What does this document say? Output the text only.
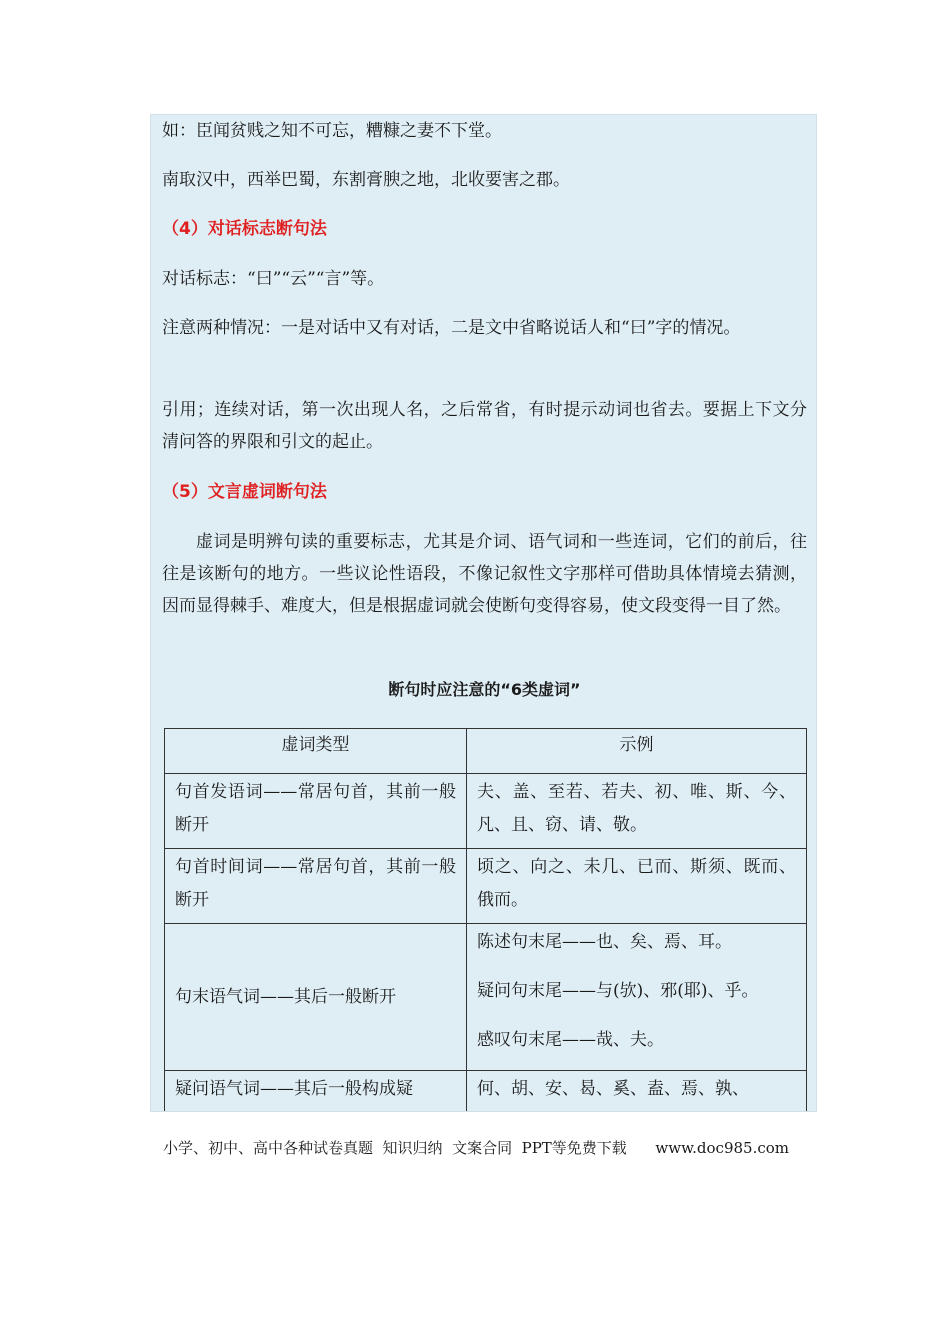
如：臣闻贫贱之知不可忘，糟糠之妻不下堂。

南取汉中，西举巴蜀，东割膏腴之地，北收要害之郡。

（4）对话标志断句法

对话标志：“曰”“云”“言”等。

注意两种情况：一是对话中又有对话，二是文中省略说话人和“曰”字的情况。

引用；连续对话，第一次出现人名，之后常省，有时提示动词也省去。要据上下文分清问答的界限和引文的起止。

（5）文言虚词断句法

虚词是明辨句读的重要标志，尤其是介词、语气词和一些连词，它们的前后，往往是该断句的地方。一些议论性语段，不像记叙性文字那样可借助具体情境去猜测，因而显得棘手、难度大，但是根据虚词就会使断句变得容易，使文段变得一目了然。

断句时应注意的“6类虚词”
虚词类型	示例
句首发语词——常居句首，其前一般断开	夫、盖、至若、若夫、初、唯、斯、今、凡、且、窃、请、敬。
句首时间词——常居句首，其前一般断开	顷之、向之、未几、已而、斯须、既而、俄而。
句末语气词——其后一般断开	陈述句末尾——也、矣、焉、耳。
疑问句末尾——与(欤)、邪(耶)、乎。
感叹句末尾——哉、夫。

疑问语气词——其后一般构成疑	何、胡、安、曷、奚、盍、焉、孰、
小学、初中、高中各种试卷真题  知识归纳  文案合同  PPT等免费下载      www.doc985.com
